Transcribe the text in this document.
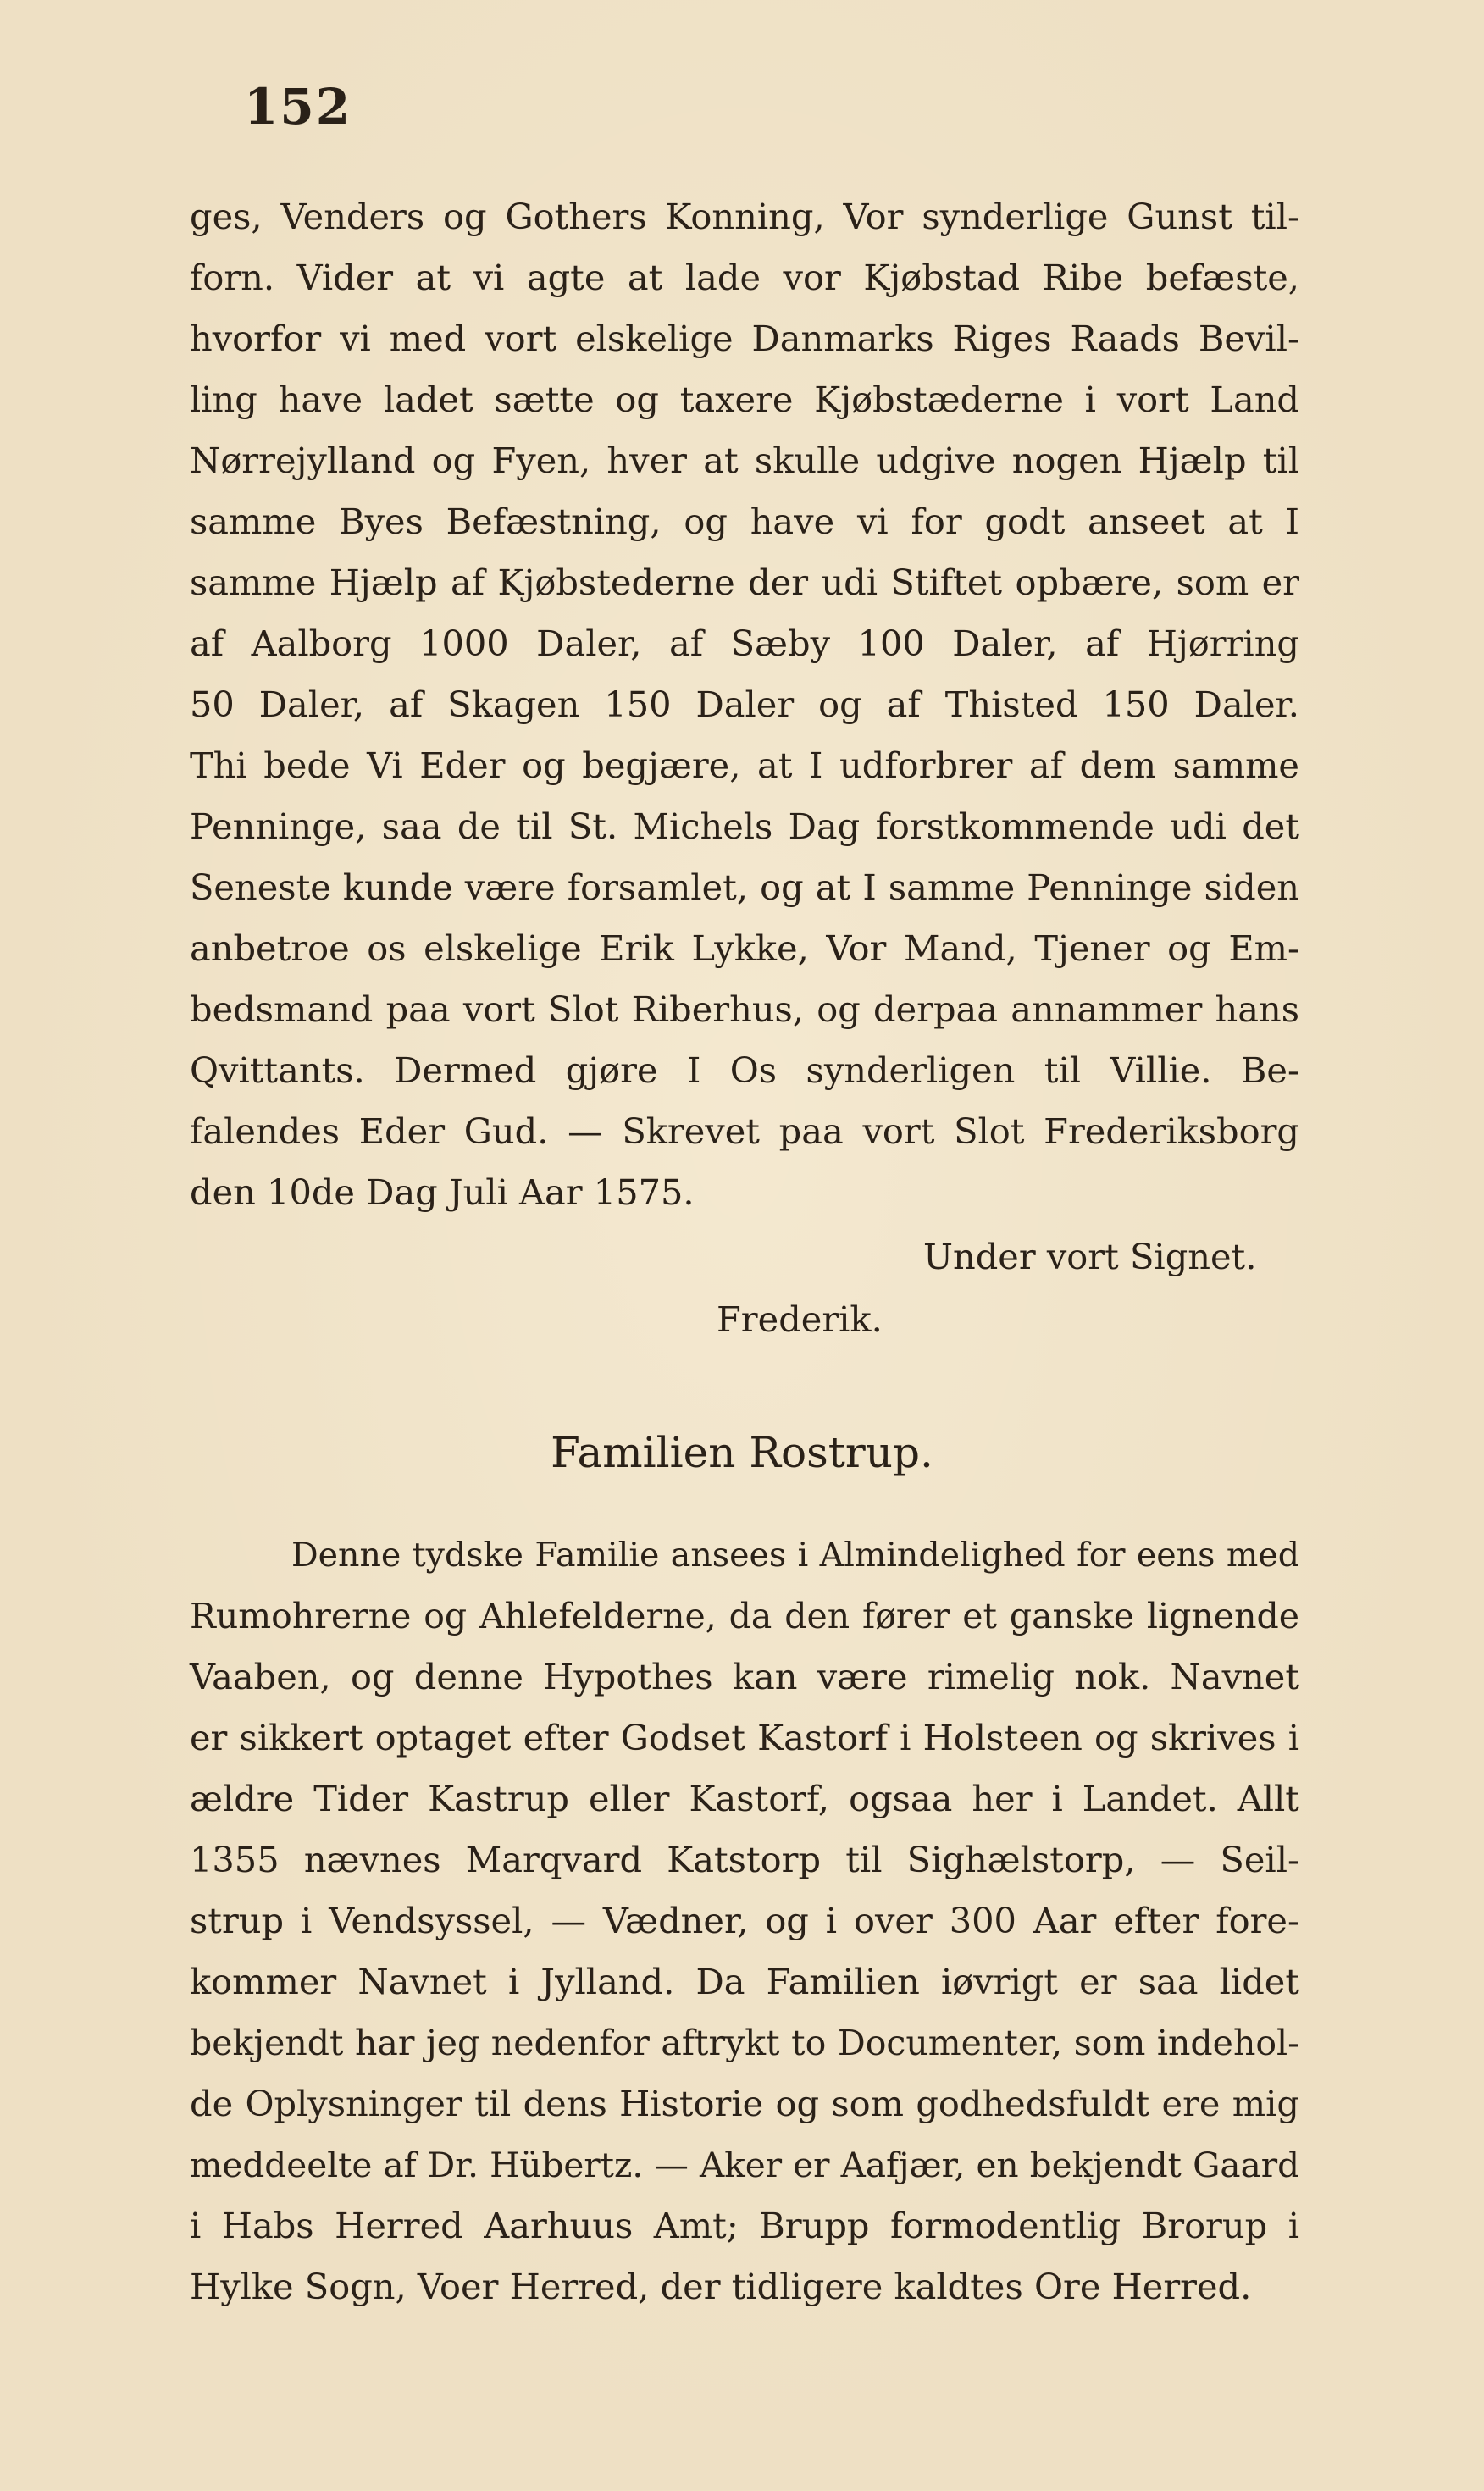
152
ges, Venders og Gothers Konning, Vor synderlige Gunst til-
forn. Vider at vi agte at lade vor Kjøbstad Ribe befæste,
hvorfor vi med vort elskelige Danmarks Riges Raads Bevil-
ling have ladet sætte og taxere Kjøbstæderne i vort Land
Nørrejylland og Fyen, hver at skulle udgive nogen Hjælp til
samme Byes Befæstning, og have vi for godt anseet at I
samme Hjælp af Kjøbstederne der udi Stiftet opbære, som er
af Aalborg 1000 Daler, af Sæby 100 Daler, af Hjørring
50 Daler, af Skagen 150 Daler og af Thisted 150 Daler.
Thi bede Vi Eder og begjære, at I udforbrer af dem samme
Penninge, saa de til St. Michels Dag forstkommende udi det
Seneste kunde være forsamlet, og at I samme Penninge siden
anbetroe os elskelige Erik Lykke, Vor Mand, Tjener og Em-
bedsmand paa vort Slot Riberhus, og derpaa annammer hans
Qvittants. Dermed gjøre I Os synderligen til Villie. Be-
falendes Eder Gud. — Skrevet paa vort Slot Frederiksborg
den 10de Dag Juli Aar 1575.
Under vort Signet.
Frederik.
Familien Rostrup.
Denne tydske Familie ansees i Almindelighed for eens med
Rumohrerne og Ahlefelderne, da den fører et ganske lignende
Vaaben, og denne Hypothes kan være rimelig nok. Navnet
er sikkert optaget efter Godset Kastorf i Holsteen og skrives i
ældre Tider Kastrup eller Kastorf, ogsaa her i Landet. Allt
1355 nævnes Marqvard Katstorp til Sighælstorp, — Seil-
strup i Vendsyssel, — Vædner, og i over 300 Aar efter fore-
kommer Navnet i Jylland. Da Familien iøvrigt er saa lidet
bekjendt har jeg nedenfor aftrykt to Documenter, som indehol-
de Oplysninger til dens Historie og som godhedsfuldt ere mig
meddeelte af Dr. Hübertz. — Aker er Aafjær, en bekjendt Gaard
i Habs Herred Aarhuus Amt; Brupp formodentlig Brorup i
Hylke Sogn, Voer Herred, der tidligere kaldtes Ore Herred.
